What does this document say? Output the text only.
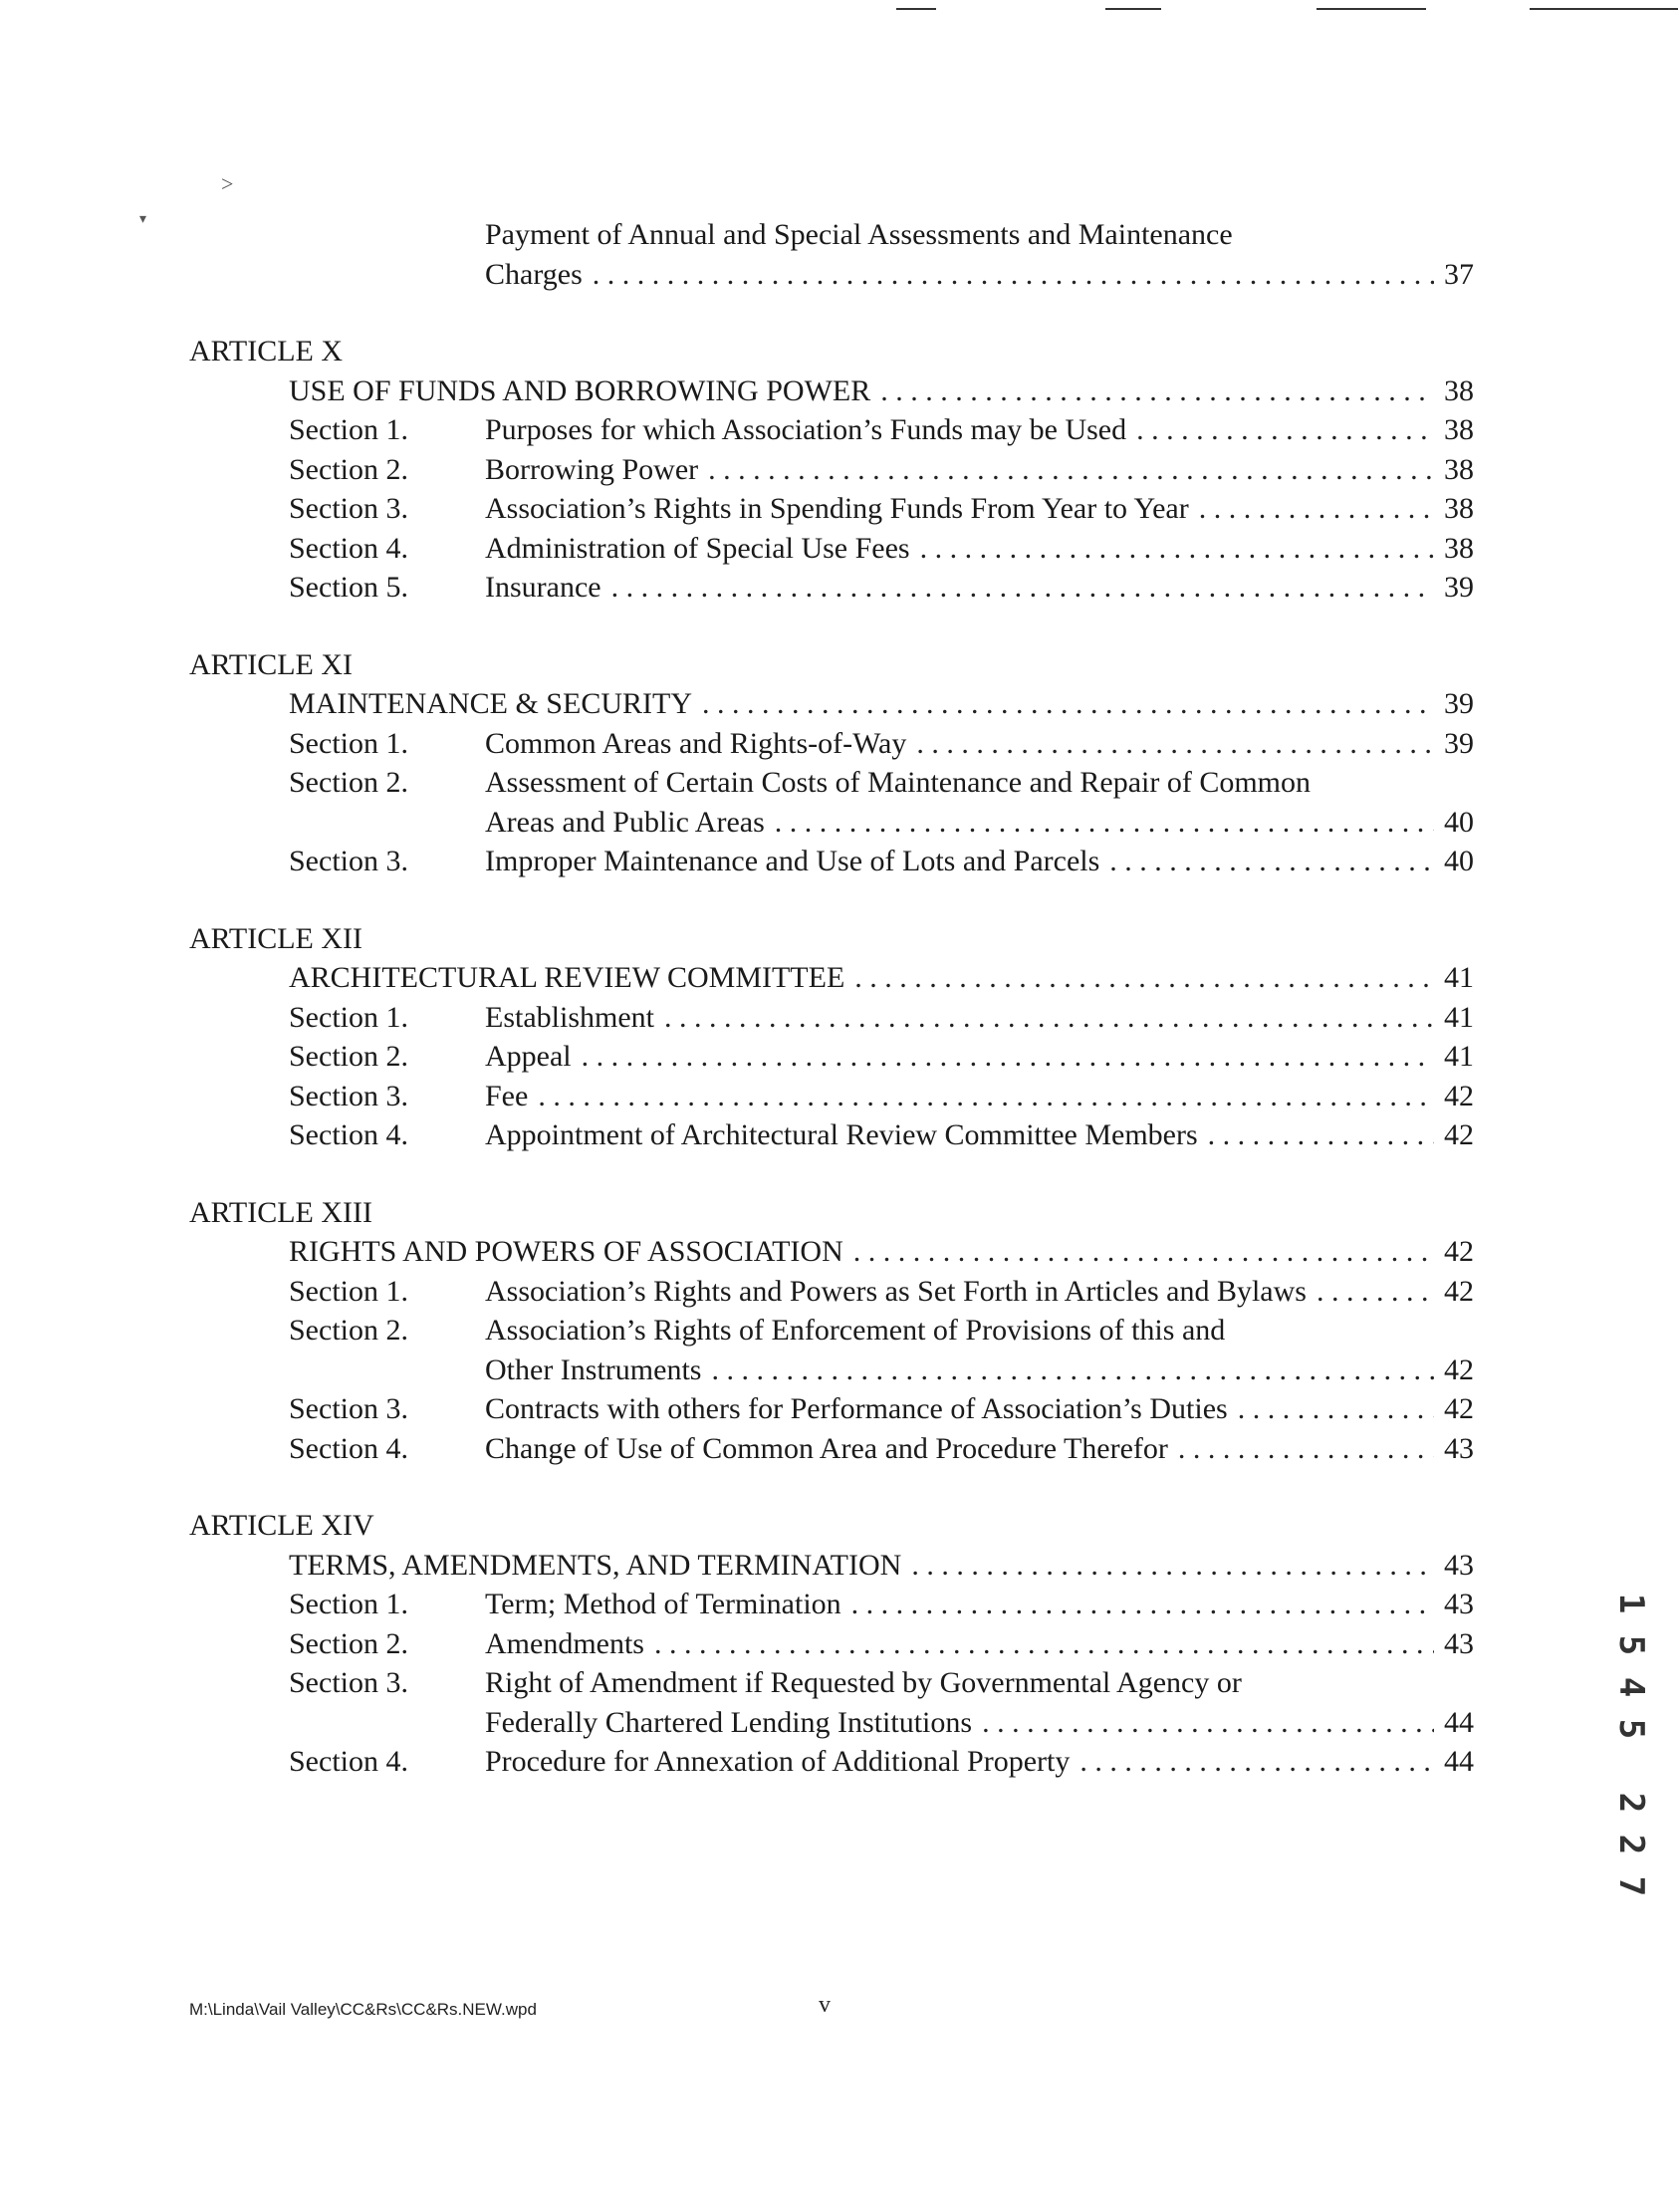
˃
▾	Payment of Annual and Special Assessments and Maintenance
Charges . . .	37
ARTICLE X
USE OF FUNDS AND BORROWING POWER . . .	38
Section 1.	Purposes for which Association’s Funds may be Used . . .	38
Section 2.	Borrowing Power . . .	38
Section 3.	Association’s Rights in Spending Funds From Year to Year . . .	38
Section 4.	Administration of Special Use Fees . . .	38
Section 5.	Insurance . . .	39
ARTICLE XI
MAINTENANCE & SECURITY . . .	39
Section 1.	Common Areas and Rights-of-Way . . .	39
Section 2.	Assessment of Certain Costs of Maintenance and Repair of Common
Areas and Public Areas . . .	40
Section 3.	Improper Maintenance and Use of Lots and Parcels . . .	40
ARTICLE XII
ARCHITECTURAL REVIEW COMMITTEE . . .	41
Section 1.	Establishment . . .	41
Section 2.	Appeal . . .	41
Section 3.	Fee . . .	42
Section 4.	Appointment of Architectural Review Committee Members . . .	42
ARTICLE XIII
RIGHTS AND POWERS OF ASSOCIATION . . .	42
Section 1.	Association’s Rights and Powers as Set Forth in Articles and Bylaws . . .	42
Section 2.	Association’s Rights of Enforcement of Provisions of this and
Other Instruments . . .	42
Section 3.	Contracts with others for Performance of Association’s Duties . . .	42
Section 4.	Change of Use of Common Area and Procedure Therefor . . .	43
ARTICLE XIV
TERMS, AMENDMENTS, AND TERMINATION . . .	43
Section 1.	Term; Method of Termination . . .	43
Section 2.	Amendments . . .	43
Section 3.	Right of Amendment if Requested by Governmental Agency or
Federally Chartered Lending Institutions . . .	44
Section 4.	Procedure for Annexation of Additional Property . . .	44
1
5
4
5
2
2
7
M:\Linda\Vail Valley\CC&Rs\CC&Rs.NEW.wpd	v
